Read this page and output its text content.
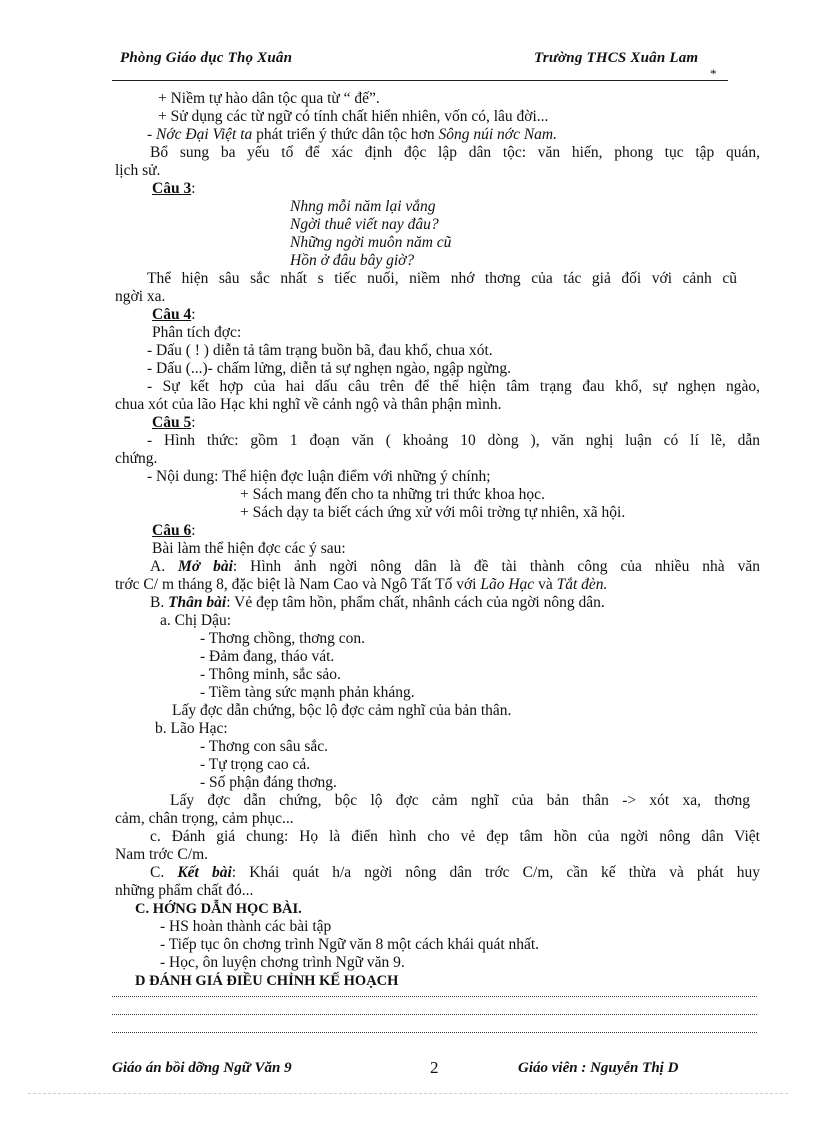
Phòng Giáo dục Thọ Xuân	Trường THCS Xuân Lam
*
+ Niềm tự hào dân tộc qua từ “ đế”.
+ Sử dụng các từ ngữ có tính chất hiển nhiên, vốn có, lâu đời...
- Nớc Đại Việt ta phát triển ý thức dân tộc hơn Sông núi nớc Nam.
Bổ sung ba yếu tố để xác định độc lập dân tộc: văn hiến, phong tục tập quán,
lịch sử.
Câu 3:
Nhng mỗi năm lại vắng
Ngời thuê viết nay đâu?
Những ngời muôn năm cũ
Hồn ở đâu bây giờ?
Thể hiện sâu sắc nhất s tiếc nuối, niềm nhớ thơng của tác giả đối với cảnh cũ
ngời xa.
Câu 4:
Phân tích đợc:
- Dấu ( ! ) diễn tả tâm trạng buồn bã, đau khổ, chua xót.
- Dấu (...)- chấm lửng, diễn tả sự nghẹn ngào, ngập ngừng.
- Sự kết hợp của hai dấu câu trên để thể hiện tâm trạng đau khổ, sự nghẹn ngào,
chua xót của lão Hạc khi nghĩ về cảnh ngộ và thân phận mình.
Câu 5:
- Hình thức: gồm 1 đoạn văn ( khoảng 10 dòng ), văn nghị luận có lí lẽ, dẫn
chứng.
- Nội dung: Thể hiện đợc luận điểm với những ý chính;
+ Sách mang đến cho ta những tri thức khoa học.
+ Sách dạy ta biết cách ứng xử với môi trờng tự nhiên, xã hội.
Câu 6:
Bài làm thể hiện đợc các ý sau:
A. Mở bài: Hình ảnh ngời nông dân là đề tài thành công của nhiều nhà văn
trớc C/ m tháng 8, đặc biệt là Nam Cao và Ngô Tất Tố với Lão Hạc và Tắt đèn.
B. Thân bài: Vẻ đẹp tâm hồn, phẩm chất, nhânh cách của ngời nông dân.
a. Chị Dậu:
- Thơng chồng, thơng con.
- Đảm đang, tháo vát.
- Thông minh, sắc sảo.
- Tiềm tàng sức mạnh phản kháng.
Lấy đợc dẫn chứng, bộc lộ đợc cảm nghĩ của bản thân.
b. Lão Hạc:
- Thơng con sâu sắc.
- Tự trọng cao cả.
- Số phận đáng thơng.
Lấy đợc dẫn chứng, bộc lộ đợc cảm nghĩ của bản thân -> xót xa, thơng
cảm, chân trọng, cảm phục...
c. Đánh giá chung: Họ là điển hình cho vẻ đẹp tâm hồn của ngời nông dân Việt
Nam trớc C/m.
C. Kết bài: Khái quát h/a ngời nông dân trớc C/m, cần kế thừa và phát huy
những phẩm chất đó...
C. HỚNG DẪN HỌC BÀI.
- HS hoàn thành các bài tập
- Tiếp tục ôn chơng trình Ngữ văn 8 một cách khái quát nhất.
- Học, ôn luyện chơng trình Ngữ văn 9.
D ĐÁNH GIÁ ĐIỀU CHỈNH KẾ HOẠCH
Giáo án bồi dỡng Ngữ Văn 9	2	Giáo viên : Nguyễn Thị D
